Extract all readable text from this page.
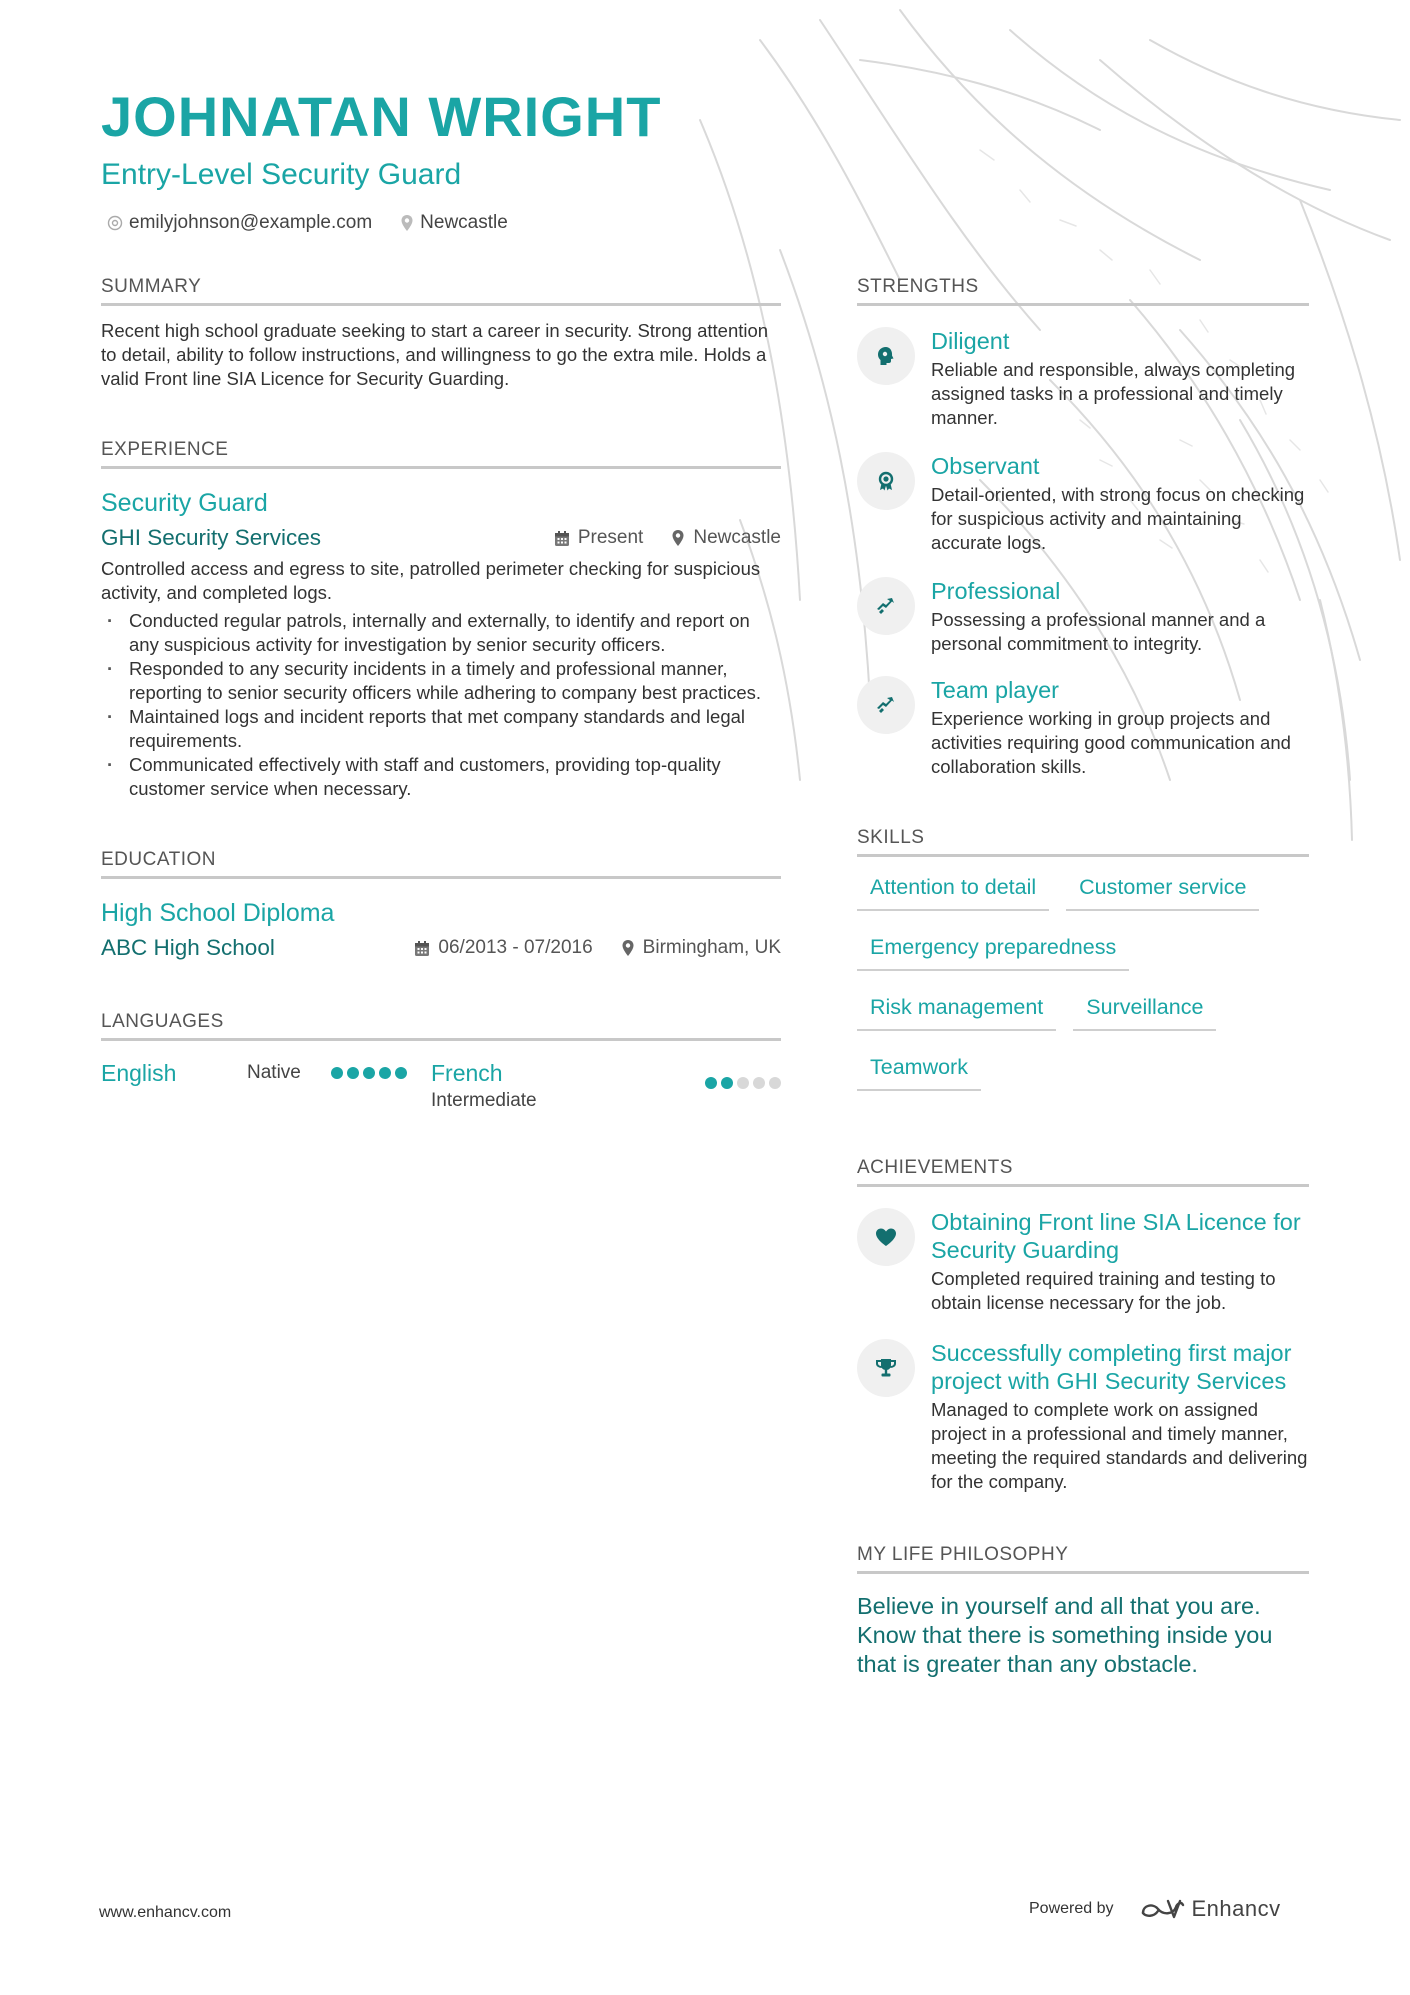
JOHNATAN WRIGHT
Entry-Level Security Guard
emilyjohnson@example.com	Newcastle
SUMMARY
Recent high school graduate seeking to start a career in security. Strong attention to detail, ability to follow instructions, and willingness to go the extra mile. Holds a valid Front line SIA Licence for Security Guarding.
EXPERIENCE
Security Guard
GHI Security Services	Present	Newcastle
Controlled access and egress to site, patrolled perimeter checking for suspicious activity, and completed logs.
· Conducted regular patrols, internally and externally, to identify and report on any suspicious activity for investigation by senior security officers.
· Responded to any security incidents in a timely and professional manner, reporting to senior security officers while adhering to company best practices.
· Maintained logs and incident reports that met company standards and legal requirements.
· Communicated effectively with staff and customers, providing top-quality customer service when necessary.
EDUCATION
High School Diploma
ABC High School	06/2013 - 07/2016	Birmingham, UK
LANGUAGES
English	Native	French
Intermediate
STRENGTHS
Diligent
Reliable and responsible, always completing assigned tasks in a professional and timely manner.
Observant
Detail-oriented, with strong focus on checking for suspicious activity and maintaining accurate logs.
Professional
Possessing a professional manner and a personal commitment to integrity.
Team player
Experience working in group projects and activities requiring good communication and collaboration skills.
SKILLS
Attention to detail	Customer service
Emergency preparedness
Risk management	Surveillance
Teamwork
ACHIEVEMENTS
Obtaining Front line SIA Licence for Security Guarding
Completed required training and testing to obtain license necessary for the job.
Successfully completing first major project with GHI Security Services
Managed to complete work on assigned project in a professional and timely manner, meeting the required standards and delivering for the company.
MY LIFE PHILOSOPHY
Believe in yourself and all that you are. Know that there is something inside you that is greater than any obstacle.
www.enhancv.com	Powered by	Enhancv
